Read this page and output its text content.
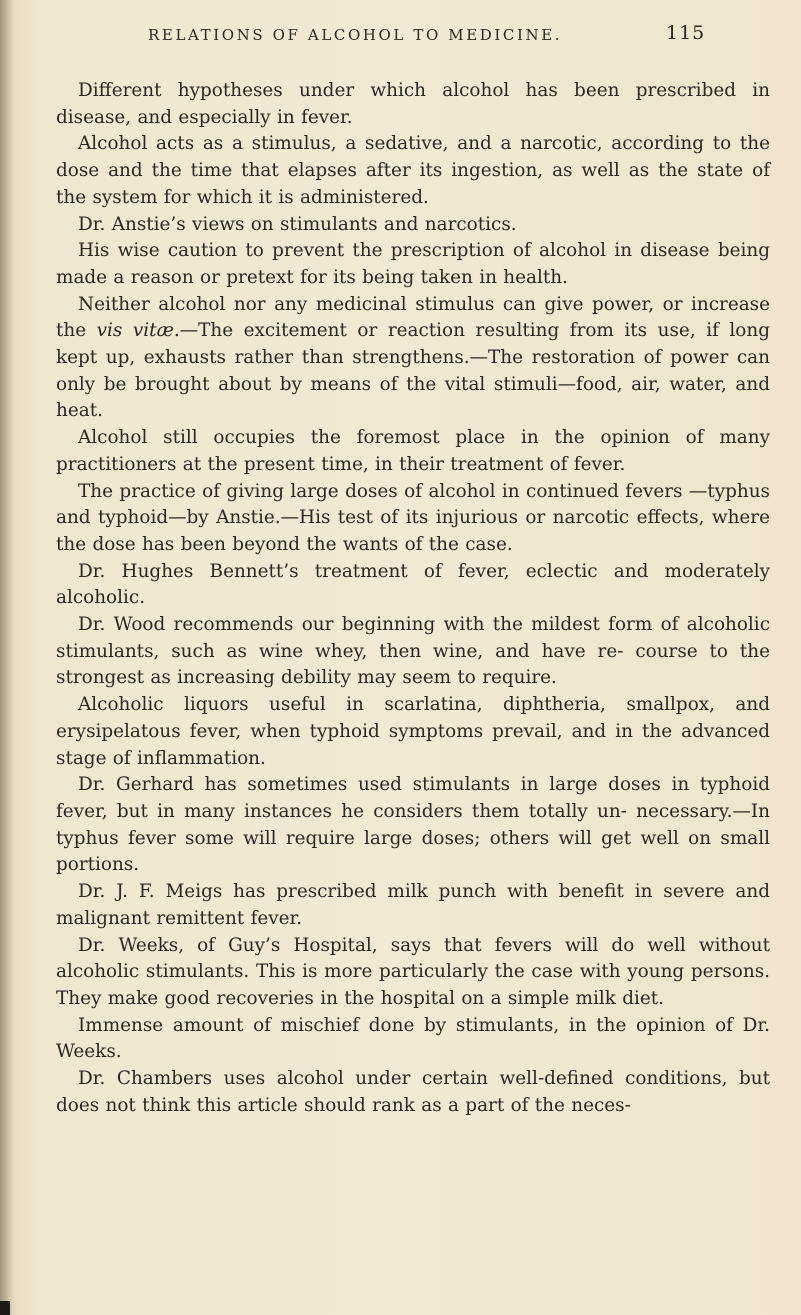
RELATIONS OF ALCOHOL TO MEDICINE.	115

Different hypotheses under which alcohol has been prescribed in disease, and especially in fever.

Alcohol acts as a stimulus, a sedative, and a narcotic, according to the dose and the time that elapses after its ingestion, as well as the state of the system for which it is administered.

Dr. Anstie’s views on stimulants and narcotics.

His wise caution to prevent the prescription of alcohol in disease being made a reason or pretext for its being taken in health.

Neither alcohol nor any medicinal stimulus can give power, or increase the vis vitæ.—The excitement or reaction resulting from its use, if long kept up, exhausts rather than strengthens.—The restoration of power can only be brought about by means of the vital stimuli—food, air, water, and heat.

Alcohol still occupies the foremost place in the opinion of many practitioners at the present time, in their treatment of fever.

The practice of giving large doses of alcohol in continued fevers —typhus and typhoid—by Anstie.—His test of its injurious or narcotic effects, where the dose has been beyond the wants of the case.

Dr. Hughes Bennett’s treatment of fever, eclectic and moderately alcoholic.

Dr. Wood recommends our beginning with the mildest form of alcoholic stimulants, such as wine whey, then wine, and have re- course to the strongest as increasing debility may seem to require.

Alcoholic liquors useful in scarlatina, diphtheria, smallpox, and erysipelatous fever, when typhoid symptoms prevail, and in the advanced stage of inflammation.

Dr. Gerhard has sometimes used stimulants in large doses in typhoid fever, but in many instances he considers them totally un- necessary.—In typhus fever some will require large doses; others will get well on small portions.

Dr. J. F. Meigs has prescribed milk punch with benefit in severe and malignant remittent fever.

Dr. Weeks, of Guy’s Hospital, says that fevers will do well without alcoholic stimulants. This is more particularly the case with young persons. They make good recoveries in the hospital on a simple milk diet.

Immense amount of mischief done by stimulants, in the opinion of Dr. Weeks.

Dr. Chambers uses alcohol under certain well-defined conditions, but does not think this article should rank as a part of the neces-
